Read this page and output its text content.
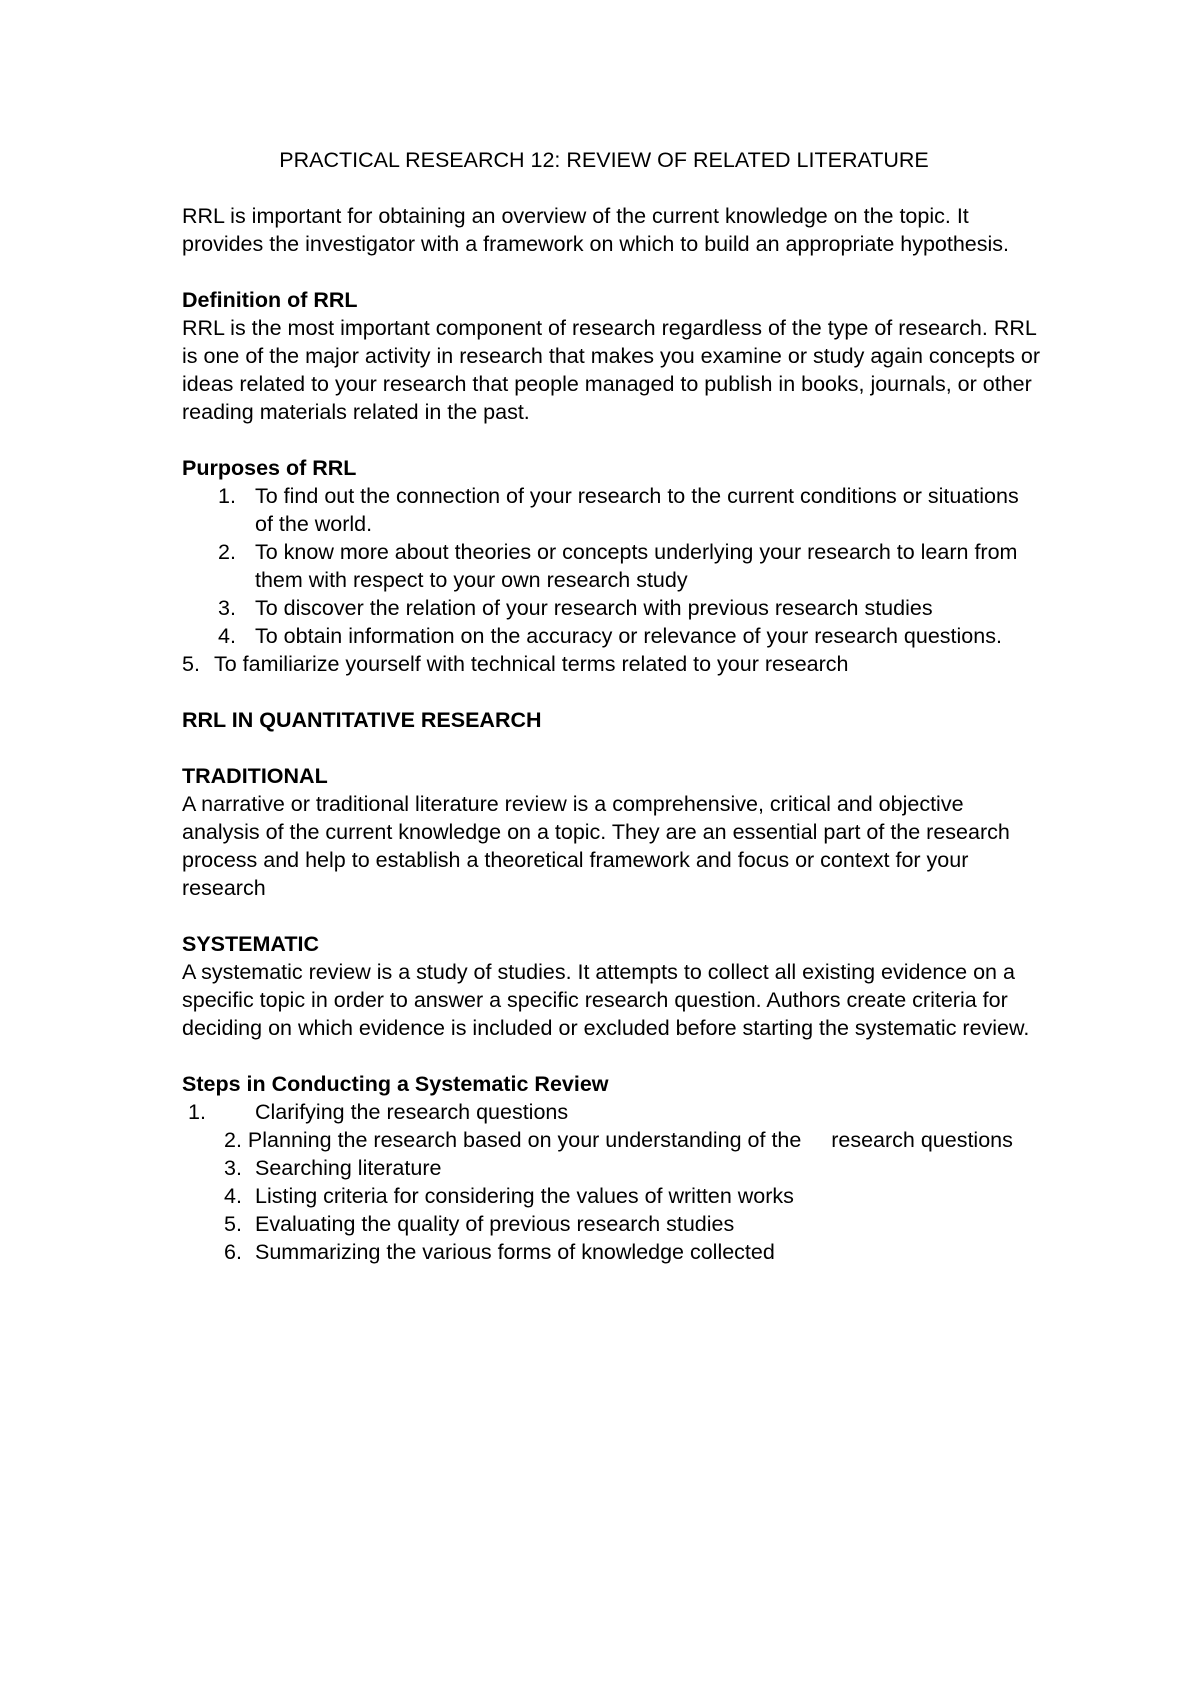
PRACTICAL RESEARCH 12: REVIEW OF RELATED LITERATURE

RRL is important for obtaining an overview of the current knowledge on the topic. It provides the investigator with a framework on which to build an appropriate hypothesis.

Definition of RRL

RRL is the most important component of research regardless of the type of research. RRL is one of the major activity in research that makes you examine or study again concepts or ideas related to your research that people managed to publish in books, journals, or other reading materials related in the past.

Purposes of RRL

1. To find out the connection of your research to the current conditions or situations of the world.
2. To know more about theories or concepts underlying your research to learn from them with respect to your own research study
3. To discover the relation of your research with previous research studies
4. To obtain information on the accuracy or relevance of your research questions.
5. To familiarize yourself with technical terms related to your research

RRL IN QUANTITATIVE RESEARCH

TRADITIONAL

A narrative or traditional literature review is a comprehensive, critical and objective analysis of the current knowledge on a topic. They are an essential part of the research process and help to establish a theoretical framework and focus or context for your research

SYSTEMATIC

A systematic review is a study of studies. It attempts to collect all existing evidence on a specific topic in order to answer a specific research question. Authors create criteria for deciding on which evidence is included or excluded before starting the systematic review.

Steps in Conducting a Systematic Review

1. Clarifying the research questions
2. Planning the research based on your understanding of the     research questions
3. Searching literature
4. Listing criteria for considering the values of written works
5. Evaluating the quality of previous research studies
6. Summarizing the various forms of knowledge collected
